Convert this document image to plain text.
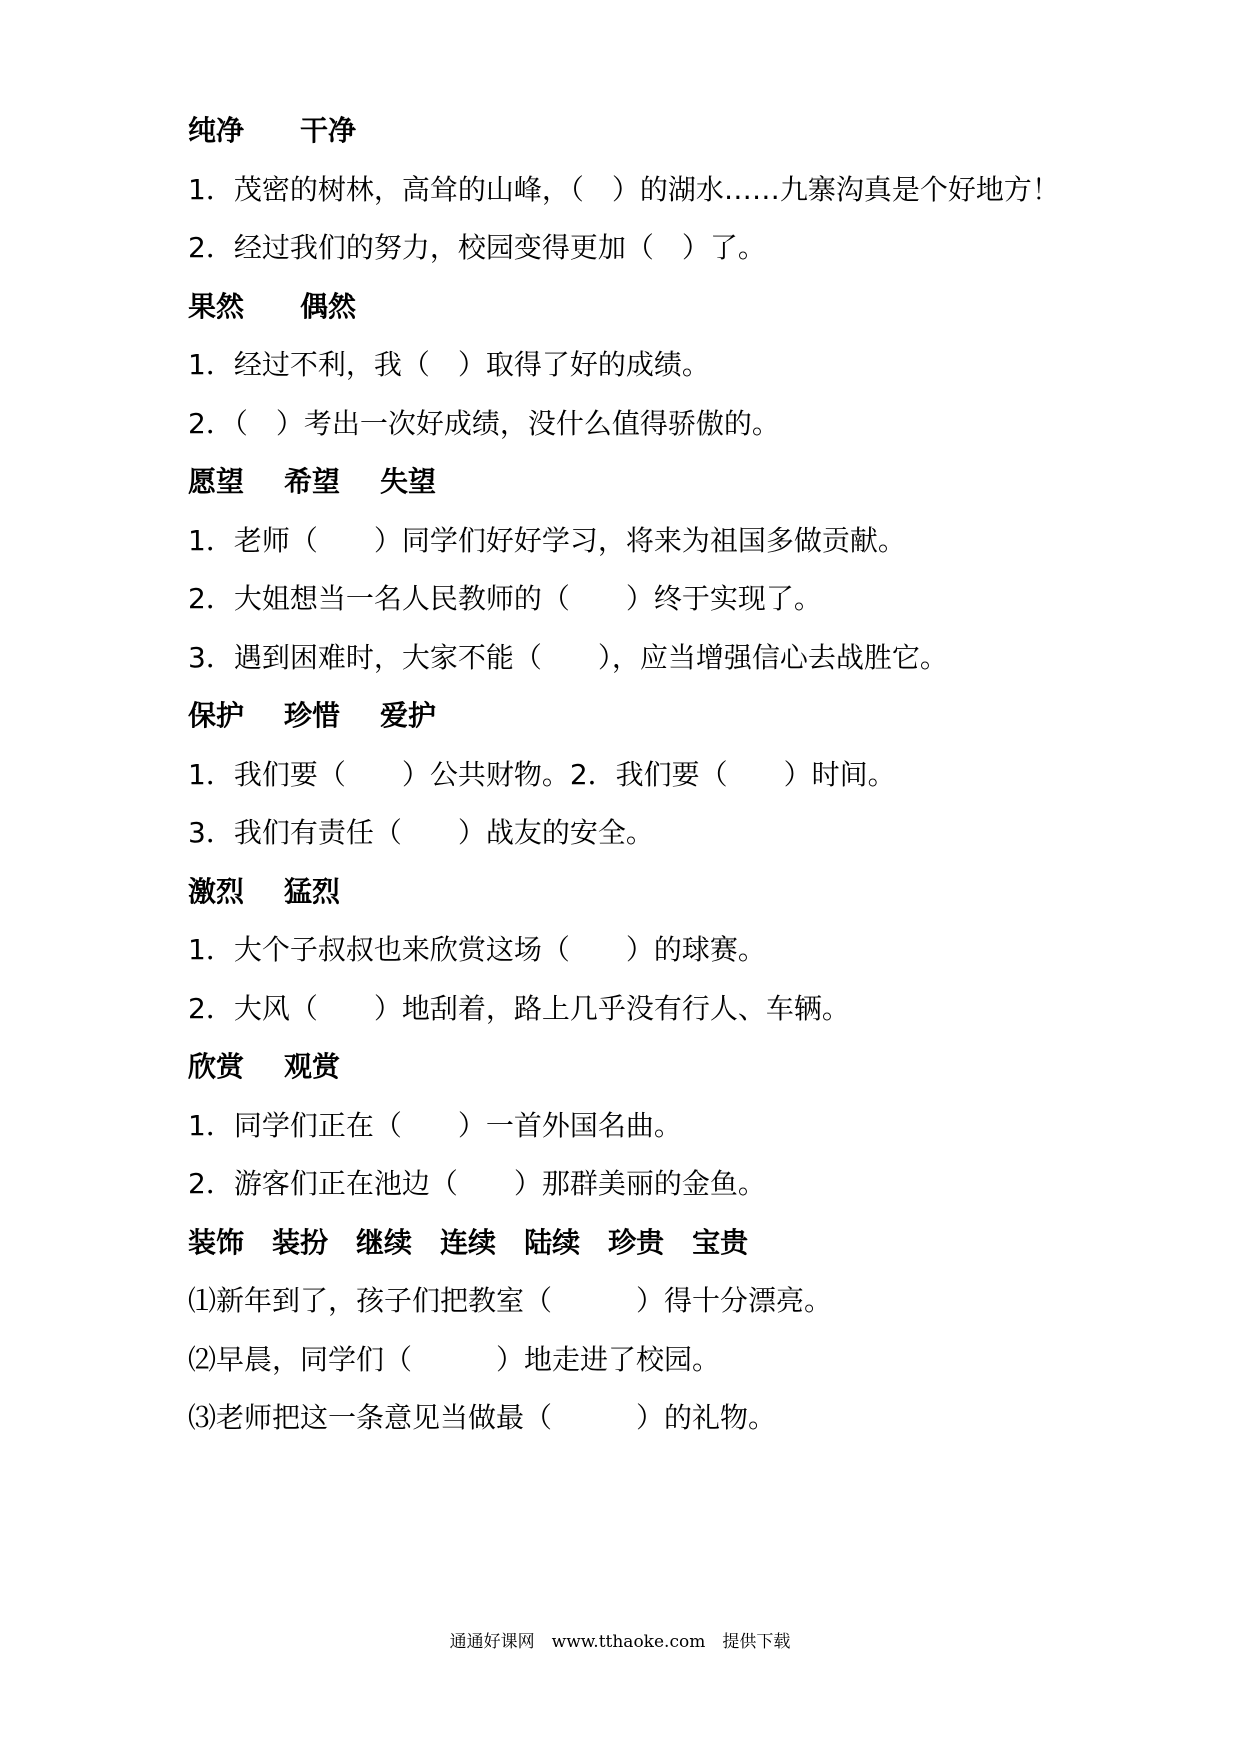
纯净 干净
1．茂密的树林，高耸的山峰，（　）的湖水……九寨沟真是个好地方！
2．经过我们的努力，校园变得更加（　）了。
果然 偶然
1．经过不利，我（　）取得了好的成绩。
2．（　）考出一次好成绩，没什么值得骄傲的。
愿望 希望 失望
1．老师（　　）同学们好好学习，将来为祖国多做贡献。
2．大姐想当一名人民教师的（　　）终于实现了。
3．遇到困难时，大家不能（　　），应当增强信心去战胜它。
保护 珍惜 爱护
1．我们要（　　）公共财物。2．我们要（　　）时间。
3．我们有责任（　　）战友的安全。
激烈 猛烈
1．大个子叔叔也来欣赏这场（　　）的球赛。
2．大风（　　）地刮着，路上几乎没有行人、车辆。
欣赏 观赏
1．同学们正在（　　）一首外国名曲。
2．游客们正在池边（　　）那群美丽的金鱼。
装饰 装扮 继续 连续 陆续 珍贵 宝贵
⑴新年到了，孩子们把教室（　　　）得十分漂亮。
⑵早晨，同学们（　　　）地走进了校园。
⑶老师把这一条意见当做最（　　　）的礼物。
通通好课网　www.tthaoke.com　提供下载
